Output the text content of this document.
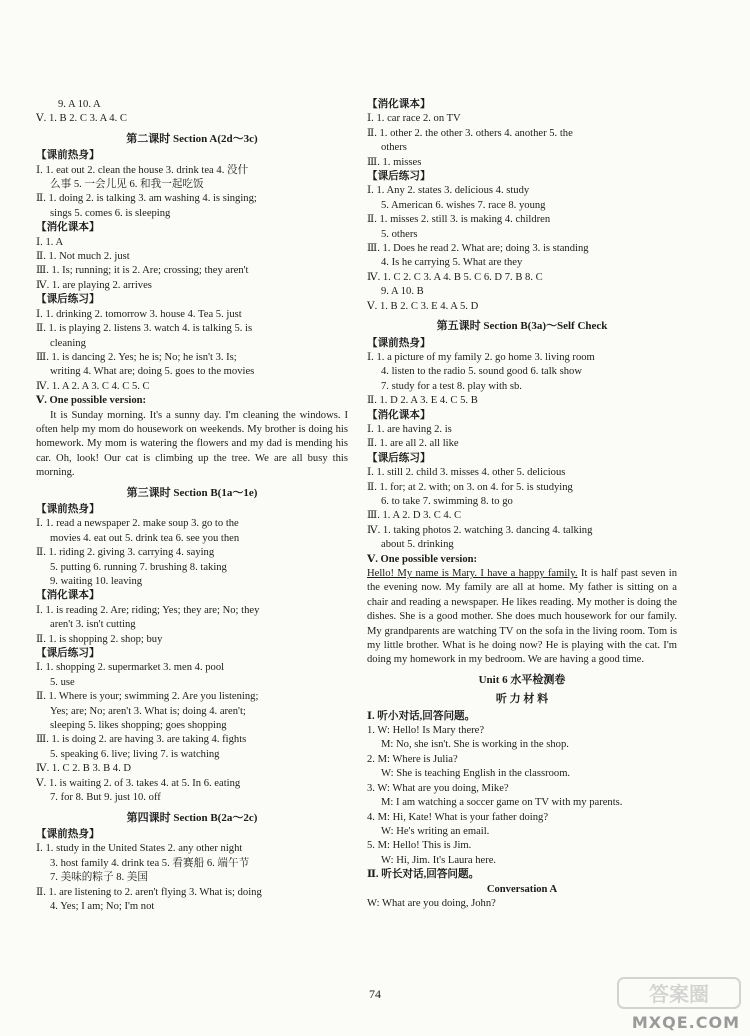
9. A 10. A
Ⅴ. 1. B 2. C 3. A 4. C
第二课时 Section A(2d～3c)
【课前热身】
Ⅰ. 1. eat out 2. clean the house 3. drink tea 4. 没什
么事 5. 一会儿见 6. 和我一起吃饭
Ⅱ. 1. doing 2. is talking 3. am washing 4. is singing;
sings 5. comes 6. is sleeping
【消化课本】
Ⅰ. 1. A
Ⅱ. 1. Not much 2. just
Ⅲ. 1. Is; running; it is 2. Are; crossing; they aren't
Ⅳ. 1. are playing 2. arrives
【课后练习】
Ⅰ. 1. drinking 2. tomorrow 3. house 4. Tea 5. just
Ⅱ. 1. is playing 2. listens 3. watch 4. is talking 5. is
cleaning
Ⅲ. 1. is dancing 2. Yes; he is; No; he isn't 3. Is;
writing 4. What are; doing 5. goes to the movies
Ⅳ. 1. A 2. A 3. C 4. C 5. C
Ⅴ. One possible version:
It is Sunday morning. It's a sunny day. I'm cleaning the windows. I often help my mom do housework on weekends. My brother is doing his homework. My mom is watering the flowers and my dad is mending his car. Oh, look! Our cat is climbing up the tree. We are all busy this morning.
第三课时 Section B(1a～1e)
【课前热身】
Ⅰ. 1. read a newspaper 2. make soup 3. go to the
movies 4. eat out 5. drink tea 6. see you then
Ⅱ. 1. riding 2. giving 3. carrying 4. saying
5. putting 6. running 7. brushing 8. taking
9. waiting 10. leaving
【消化课本】
Ⅰ. 1. is reading 2. Are; riding; Yes; they are; No; they
aren't 3. isn't cutting
Ⅱ. 1. is shopping 2. shop; buy
【课后练习】
Ⅰ. 1. shopping 2. supermarket 3. men 4. pool
5. use
Ⅱ. 1. Where is your; swimming 2. Are you listening;
Yes; are; No; aren't 3. What is; doing 4. aren't;
sleeping 5. likes shopping; goes shopping
Ⅲ. 1. is doing 2. are having 3. are taking 4. fights
5. speaking 6. live; living 7. is watching
Ⅳ. 1. C 2. B 3. B 4. D
Ⅴ. 1. is waiting 2. of 3. takes 4. at 5. In 6. eating
7. for 8. But 9. just 10. off
第四课时 Section B(2a～2c)
【课前热身】
Ⅰ. 1. study in the United States 2. any other night
3. host family 4. drink tea 5. 看赛船 6. 端午节
7. 美味的粽子 8. 美国
Ⅱ. 1. are listening to 2. aren't flying 3. What is; doing
4. Yes; I am; No; I'm not
【消化课本】
Ⅰ. 1. car race 2. on TV
Ⅱ. 1. other 2. the other 3. others 4. another 5. the
others
Ⅲ. 1. misses
【课后练习】
Ⅰ. 1. Any 2. states 3. delicious 4. study
5. American 6. wishes 7. race 8. young
Ⅱ. 1. misses 2. still 3. is making 4. children
5. others
Ⅲ. 1. Does he read 2. What are; doing 3. is standing
4. Is he carrying 5. What are they
Ⅳ. 1. C 2. C 3. A 4. B 5. C 6. D 7. B 8. C
9. A 10. B
Ⅴ. 1. B 2. C 3. E 4. A 5. D
第五课时 Section B(3a)～Self Check
【课前热身】
Ⅰ. 1. a picture of my family 2. go home 3. living room
4. listen to the radio 5. sound good 6. talk show
7. study for a test 8. play with sb.
Ⅱ. 1. D 2. A 3. E 4. C 5. B
【消化课本】
Ⅰ. 1. are having 2. is
Ⅱ. 1. are all 2. all like
【课后练习】
Ⅰ. 1. still 2. child 3. misses 4. other 5. delicious
Ⅱ. 1. for; at 2. with; on 3. on 4. for 5. is studying
6. to take 7. swimming 8. to go
Ⅲ. 1. A 2. D 3. C 4. C
Ⅳ. 1. taking photos 2. watching 3. dancing 4. talking
about 5. drinking
Ⅴ. One possible version:
Hello! My name is Mary. I have a happy family. It is half past seven in the evening now. My family are all at home. My father is sitting on a chair and reading a newspaper. He likes reading. My mother is doing the dishes. She is a good mother. She does much housework for our family. My grandparents are watching TV on the sofa in the living room. Tom is my little brother. What is he doing now? He is playing with the cat. I'm doing my homework in my bedroom. We are having a good time.
Unit 6 水平检测卷
听 力 材 料
Ⅰ. 听小对话,回答问题。
1. W: Hello! Is Mary there?
M: No, she isn't. She is working in the shop.
2. M: Where is Julia?
W: She is teaching English in the classroom.
3. W: What are you doing, Mike?
M: I am watching a soccer game on TV with my parents.
4. M: Hi, Kate! What is your father doing?
W: He's writing an email.
5. M: Hello! This is Jim.
W: Hi, Jim. It's Laura here.
Ⅱ. 听长对话,回答问题。
Conversation A
W: What are you doing, John?
74	答案圈
MXQE.COM
